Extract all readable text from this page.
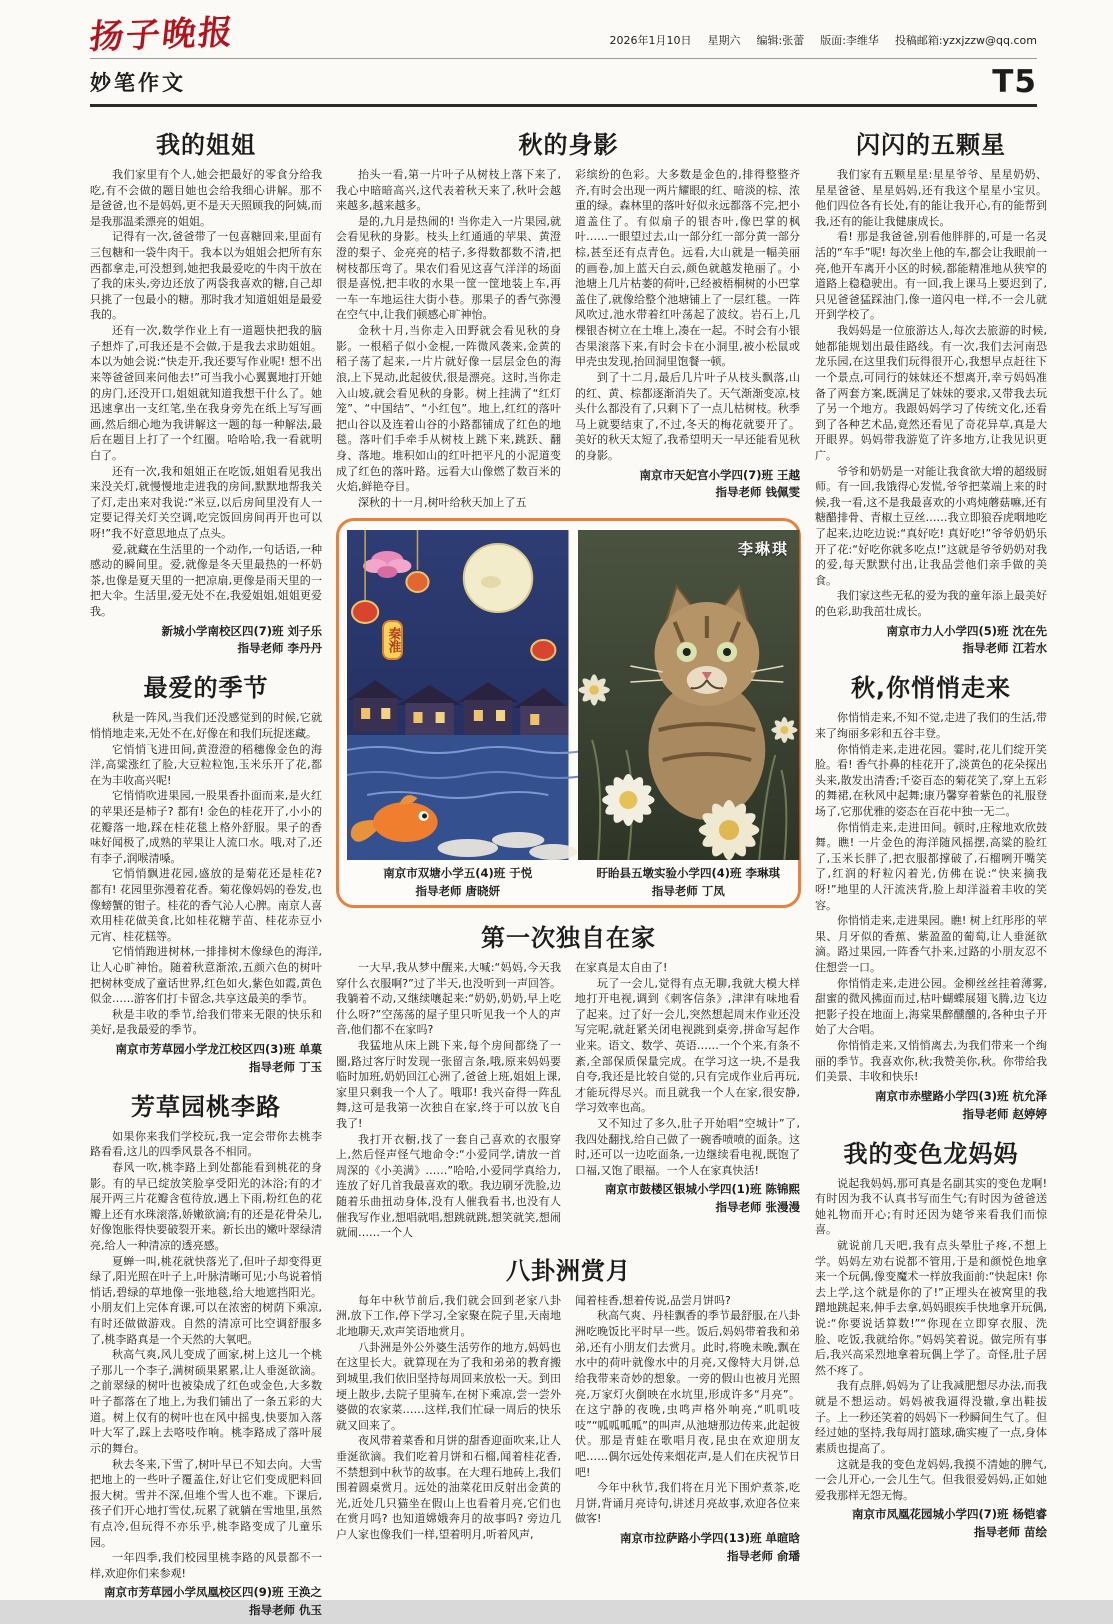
扬子晚报	2026年1月10日 星期六 编辑:张蕾 版面:李维华 投稿邮箱:yzxjzzw@qq.com
妙笔作文	T5
我的姐姐

我们家里有个人,她会把最好的零食分给我吃,有不会做的题目她也会给我细心讲解。那不是爸爸,也不是妈妈,更不是天天照顾我的阿姨,而是我那温柔漂亮的姐姐。

记得有一次,爸爸带了一包喜糖回来,里面有三包糖和一袋牛肉干。我本以为姐姐会把所有东西都拿走,可没想到,她把我最爱吃的牛肉干放在了我的床头,旁边还放了两袋我喜欢的糖,自己却只挑了一包最小的糖。那时我才知道姐姐是最爱我的。

还有一次,数学作业上有一道题快把我的脑子想炸了,可我还是不会做,于是我去求助姐姐。本以为她会说:“快走开,我还要写作业呢! 想不出来等爸爸回来问他去!”可当我小心翼翼地打开她的房门,还没开口,姐姐就知道我想干什么了。她迅速拿出一支红笔,坐在我身旁先在纸上写写画画,然后细心地为我讲解这一题的每一种解法,最后在题目上打了一个红圈。哈哈哈,我一看就明白了。

还有一次,我和姐姐正在吃饭,姐姐看见我出来没关灯,就慢慢地走进我的房间,默默地帮我关了灯,走出来对我说:“米豆,以后房间里没有人一定要记得关灯关空调,吃完饭回房间再开也可以呀!”我不好意思地点了点头。

爱,就藏在生活里的一个动作,一句话语,一种感动的瞬间里。爱,就像是冬天里最热的一杯奶茶,也像是夏天里的一把凉扇,更像是雨天里的一把大伞。生活里,爱无处不在,我爱姐姐,姐姐更爱我。

新城小学南校区四(7)班 刘子乐
指导老师 李丹丹
最爱的季节

秋是一阵风,当我们还没感觉到的时候,它就悄悄地走来,无处不在,好像在和我们玩捉迷藏。

它悄悄飞进田间,黄澄澄的稻穗像金色的海洋,高粱涨红了脸,大豆粒粒饱,玉米乐开了花,都在为丰收高兴呢!

它悄悄吹进果园,一股果香扑面而来,是火红的苹果还是柿子? 都有! 金色的桂花开了,小小的花瓣落一地,踩在桂花毯上格外舒服。果子的香味好闻极了,成熟的苹果让人流口水。哦,对了,还有李子,润喉清嗓。

它悄悄飘进花园,盛放的是菊花还是桂花? 都有! 花园里弥漫着花香。菊花像妈妈的卷发,也像螃蟹的钳子。桂花的香气沁人心脾。南京人喜欢用桂花做美食,比如桂花糖芋苗、桂花赤豆小元宵、桂花糕等。

它悄悄跑进树林,一排排树木像绿色的海洋,让人心旷神怡。随着秋意渐浓,五颜六色的树叶把树林变成了童话世界,红色如火,紫色如霞,黄色似金……游客们打卡留念,共享这最美的季节。

秋是丰收的季节,给我们带来无限的快乐和美好,是我最爱的季节。

南京市芳草园小学龙江校区四(3)班 单菓
指导老师 丁玉
芳草园桃李路

如果你来我们学校玩,我一定会带你去桃李路看看,这儿的四季风景各不相同。

春风一吹,桃李路上到处都能看到桃花的身影。有的早已绽放笑脸享受阳光的沐浴;有的才展开两三片花瓣含苞待放,遇上下雨,粉红色的花瓣上还有水珠滚落,娇嫩欲滴;有的还是花骨朵儿,好像饱胀得快要破裂开来。新长出的嫩叶翠绿清亮,给人一种清凉的透亮感。

夏蝉一叫,桃花就快落光了,但叶子却变得更绿了,阳光照在叶子上,叶脉清晰可见;小鸟说着悄悄话,碧绿的草地像一张地毯,给大地遮挡阳光。小朋友们上完体育课,可以在浓密的树荫下乘凉,有时还做做游戏。自然的清凉可比空调舒服多了,桃李路真是一个天然的大氧吧。

秋高气爽,风儿变成了画家,树上这儿一个桃子那儿一个李子,满树硕果累累,让人垂涎欲滴。之前翠绿的树叶也被染成了红色或金色,大多数叶子都落在了地上,为我们铺出了一条五彩的大道。树上仅有的树叶也在风中摇曳,快要加入落叶大军了,踩上去咯吱作响。桃李路成了落叶展示的舞台。

秋去冬来,下雪了,树叶早已不知去向。大雪把地上的一些叶子覆盖住,好让它们变成肥料回报大树。雪并不深,但堆个雪人也不难。下课后,孩子们开心地打雪仗,玩累了就躺在雪地里,虽然有点冷,但玩得不亦乐乎,桃李路变成了儿童乐园。

一年四季,我们校园里桃李路的风景都不一样,欢迎你们来参观!

南京市芳草园小学凤凰校区四(9)班 王涣之
指导老师 仇玉
秋的身影

抬头一看,第一片叶子从树枝上落下来了,我心中暗暗高兴,这代表着秋天来了,秋叶会越来越多,越来越多。

是的,九月是热闹的! 当你走入一片果园,就会看见秋的身影。枝头上红通通的苹果、黄澄澄的梨子、金亮亮的桔子,多得数都数不清,把树枝都压弯了。果农们看见这喜气洋洋的场面很是喜悦,把丰收的水果一筐一筐地装上车,再一车一车地运往大街小巷。那果子的香气弥漫在空气中,让我们顿感心旷神怡。

金秋十月,当你走入田野就会看见秋的身影。一根稻子似小金棍,一阵微风袭来,金黄的稻子荡了起来,一片片就好像一层层金色的海浪,上下晃动,此起彼伏,很是漂亮。这时,当你走入山坡,就会看见秋的身影。树上挂满了“红灯笼”、“中国结”、“小红包”。地上,红红的落叶把山谷以及连着山谷的小路都铺成了红色的地毯。落叶们手牵手从树枝上跳下来,跳跃、翻身、落地。堆积如山的红叶把平凡的小泥道变成了红色的落叶路。远看大山像燃了数百米的火焰,鲜艳夺目。

深秋的十一月,树叶给秋天加上了五

彩缤纷的色彩。大多数是金色的,排得整整齐齐,有时会出现一两片耀眼的红、暗淡的棕、浓重的绿。森林里的落叶好似永远都落不完,把小道盖住了。有似扇子的银杏叶,像巴掌的枫叶……一眼望过去,山一部分红一部分黄一部分棕,甚至还有点青色。远看,大山就是一幅美丽的画卷,加上蓝天白云,颜色就越发艳丽了。小池塘上几片枯萎的荷叶,已经被梧桐树的小巴掌盖住了,就像给整个池塘铺上了一层红毯。一阵风吹过,池水带着红叶荡起了波纹。岩石上,几棵银杏树立在土堆上,凑在一起。不时会有小银杏果滚落下来,有时会卡在小洞里,被小松鼠或甲壳虫发现,抬回洞里饱餐一顿。

到了十二月,最后几片叶子从枝头飘落,山的红、黄、棕都逐渐消失了。天气渐渐变凉,枝头什么都没有了,只剩下了一点儿枯树枝。秋季马上就要结束了,不过,冬天的梅花就要开了。美好的秋天太短了,我希望明天一早还能看见秋的身影。

南京市天妃宫小学四(7)班 王越
指导老师 钱佩雯
秦淮
南京市双塘小学五(4)班 于悦
指导老师 唐晓妍
李琳琪
盱眙县五墩实验小学四(4)班 李琳琪
指导老师 丁凤
第一次独自在家

一大早,我从梦中醒来,大喊:“妈妈,今天我穿什么衣服啊?”过了半天,也没听到一声回答。我躺着不动,又继续嚷起来:“奶奶,奶奶,早上吃什么呀?”空荡荡的屋子里只听见我一个人的声音,他们都不在家吗?

我猛地从床上跳下来,每个房间都绕了一圈,路过客厅时发现一张留言条,哦,原来妈妈要临时加班,奶奶回江心洲了,爸爸上班,姐姐上课,家里只剩我一个人了。哦耶! 我兴奋得一阵乱舞,这可是我第一次独自在家,终于可以放飞自我了!

我打开衣橱,找了一套自己喜欢的衣服穿上,然后怪声怪气地命令:“小爱同学,请放一首周深的《小美满》……”哈哈,小爱同学真给力,连放了好几首我最喜欢的歌。我边刷牙洗脸,边随着乐曲扭动身体,没有人催我看书,也没有人催我写作业,想唱就唱,想跳就跳,想笑就笑,想闹就闹……一个人

在家真是太自由了!

玩了一会儿,觉得有点无聊,我就大模大样地打开电视,调到《刺客信条》,津津有味地看了起来。过了好一会儿,突然想起周末作业还没写完呢,就赶紧关闭电视跳到桌旁,拼命写起作业来。语文、数学、英语……一个个来,有条不紊,全部保质保量完成。在学习这一块,不是我自夸,我还是比较自觉的,只有完成作业后再玩,才能玩得尽兴。而且就我一个人在家,很安静,学习效率也高。

又不知过了多久,肚子开始唱“空城计”了,我四处翻找,给自己做了一碗香喷喷的面条。这时,还可以一边吃面条,一边继续看电视,既饱了口福,又饱了眼福。一个人在家真快活!

南京市鼓楼区银城小学四(1)班 陈锦熙
指导老师 张漫漫
八卦洲赏月

每年中秋节前后,我们就会回到老家八卦洲,放下工作,停下学习,全家聚在院子里,天南地北地聊天,欢声笑语地赏月。

八卦洲是外公外婆生活劳作的地方,妈妈也在这里长大。就算现在为了我和弟弟的教育搬到城里,我们依旧坚持每周回来放松一天。到田埂上散步,去院子里骑车,在树下乘凉,尝一尝外婆做的农家菜……这样,我们忙碌一周后的快乐就又回来了。

夜风带着菜香和月饼的甜香迎面吹来,让人垂涎欲滴。我们吃着月饼和石榴,闻着桂花香,不禁想到中秋节的故事。在大理石地砖上,我们围着圆桌赏月。远处的油菜花田反射出金黄的光,近处几只猫坐在假山上也看着月亮,它们也在赏月吗? 也知道嫦娥奔月的故事吗? 旁边几户人家也像我们一样,望着明月,听着风声,

闻着桂香,想着传说,品尝月饼吗?

秋高气爽、丹桂飘香的季节最舒服,在八卦洲吃晚饭比平时早一些。饭后,妈妈带着我和弟弟,还有小朋友们去赏月。此时,将晚未晚,飘在水中的荷叶就像水中的月亮,又像特大月饼,总给我带来奇妙的想象。一旁的假山也被月光照亮,万家灯火倒映在水坑里,形成许多“月亮”。在这宁静的夜晚,虫鸣声格外响亮,“叽叽吱吱”“呱呱呱呱”的叫声,从池塘那边传来,此起彼伏。那是青蛙在歌唱月夜,昆虫在欢迎朋友吧……偶尔远处传来烟花声,是人们在庆祝节日吧!

今年中秋节,我们将在月光下围炉煮茶,吃月饼,背诵月亮诗句,讲述月亮故事,欢迎各位来做客!

南京市拉萨路小学四(13)班 单暄晗
指导老师 俞璠
闪闪的五颗星

我们家有五颗星星:星星爷爷、星星奶奶、星星爸爸、星星妈妈,还有我这个星星小宝贝。他们四位各有长处,有的能让我开心,有的能帮到我,还有的能让我健康成长。

看! 那是我爸爸,别看他胖胖的,可是一名灵活的“车手”呢! 每次坐上他的车,都会让我眼前一亮,他开车离开小区的时候,都能精准地从狭窄的道路上稳稳驶出。有一回,我上课马上要迟到了,只见爸爸猛踩油门,像一道闪电一样,不一会儿就开到学校了。

我妈妈是一位旅游达人,每次去旅游的时候,她都能规划出最佳路线。有一次,我们去河南恐龙乐园,在这里我们玩得很开心,我想早点赶往下一个景点,可同行的妹妹还不想离开,幸亏妈妈准备了两套方案,既满足了妹妹的要求,又带我去玩了另一个地方。我跟妈妈学习了传统文化,还看到了各种艺术品,竟然还看见了奇花异草,真是大开眼界。妈妈带我游览了许多地方,让我见识更广。

爷爷和奶奶是一对能让我食欲大增的超级厨师。有一回,我饿得心发慌,爷爷把菜端上来的时候,我一看,这不是我最喜欢的小鸡炖蘑菇嘛,还有糖醋排骨、青椒土豆丝……我立即狼吞虎咽地吃了起来,边吃边说:“真好吃! 真好吃!”爷爷奶奶乐开了花:“好吃你就多吃点!”这就是爷爷奶奶对我的爱,每天默默付出,让我品尝他们亲手做的美食。

我们家这些无私的爱为我的童年添上最美好的色彩,助我茁壮成长。

南京市力人小学四(5)班 沈在先
指导老师 江若水
秋,你悄悄走来

你悄悄走来,不知不觉,走进了我们的生活,带来了绚丽多彩和五谷丰登。

你悄悄走来,走进花园。霎时,花儿们绽开笑脸。看! 香气扑鼻的桂花开了,淡黄色的花朵探出头来,散发出清香;千姿百态的菊花笑了,穿上五彩的舞裙,在秋风中起舞;康乃馨穿着紫色的礼服登场了,它那优雅的姿态在百花中独一无二。

你悄悄走来,走进田间。顿时,庄稼地欢欣鼓舞。瞧! 一片金色的海洋随风摇摆,高粱的脸红了,玉米长胖了,把衣服都撑破了,石榴咧开嘴笑了,红润的籽粒闪着光,仿佛在说:“快来摘我呀!”地里的人汗流浃背,脸上却洋溢着丰收的笑容。

你悄悄走来,走进果园。瞧! 树上红彤彤的苹果、月牙似的香蕉、紫盈盈的葡萄,让人垂涎欲滴。路过果园,一阵香气扑来,过路的小朋友忍不住想尝一口。

你悄悄走来,走进公园。金柳丝丝挂着薄雾,甜蜜的微风拂面而过,枯叶蝴蝶展翅飞腾,边飞边把影子投在地面上,海棠果醉醺醺的,各种虫子开始了大合唱。

你悄悄走来,又悄悄离去,为我们带来一个绚丽的季节。我喜欢你,秋;我赞美你,秋。你带给我们美景、丰收和快乐!

南京市赤壁路小学四(3)班 杭允泽
指导老师 赵婷婷
我的变色龙妈妈

说起我妈妈,那可真是名副其实的变色龙啊! 有时因为我不认真书写而生气;有时因为爸爸送她礼物而开心;有时还因为姥爷来看我们而惊喜。

就说前几天吧,我有点头晕肚子疼,不想上学。妈妈左劝右说都不管用,于是和颜悦色地拿来一个玩偶,像变魔术一样放我面前:“快起床! 你去上学,这个就是你的了!”正埋头在被窝里的我蹭地跳起来,伸手去拿,妈妈眼疾手快地拿开玩偶,说:“你要说话算数!”“你现在立即穿衣服、洗脸、吃饭,我就给你。”妈妈笑着说。做完所有事后,我兴高采烈地拿着玩偶上学了。奇怪,肚子居然不疼了。

我有点胖,妈妈为了让我减肥想尽办法,而我就是不想运动。妈妈被我逼得没辙,拿出鞋拔子。上一秒还笑着的妈妈下一秒瞬间生气了。但经过她的坚持,我每周打篮球,确实瘦了一点,身体素质也提高了。

这就是我的变色龙妈妈,我摸不清她的脾气,一会儿开心,一会儿生气。但我很爱妈妈,正如她爱我那样无怨无悔。

南京市凤凰花园城小学四(7)班 杨铠睿
指导老师 苗绘
